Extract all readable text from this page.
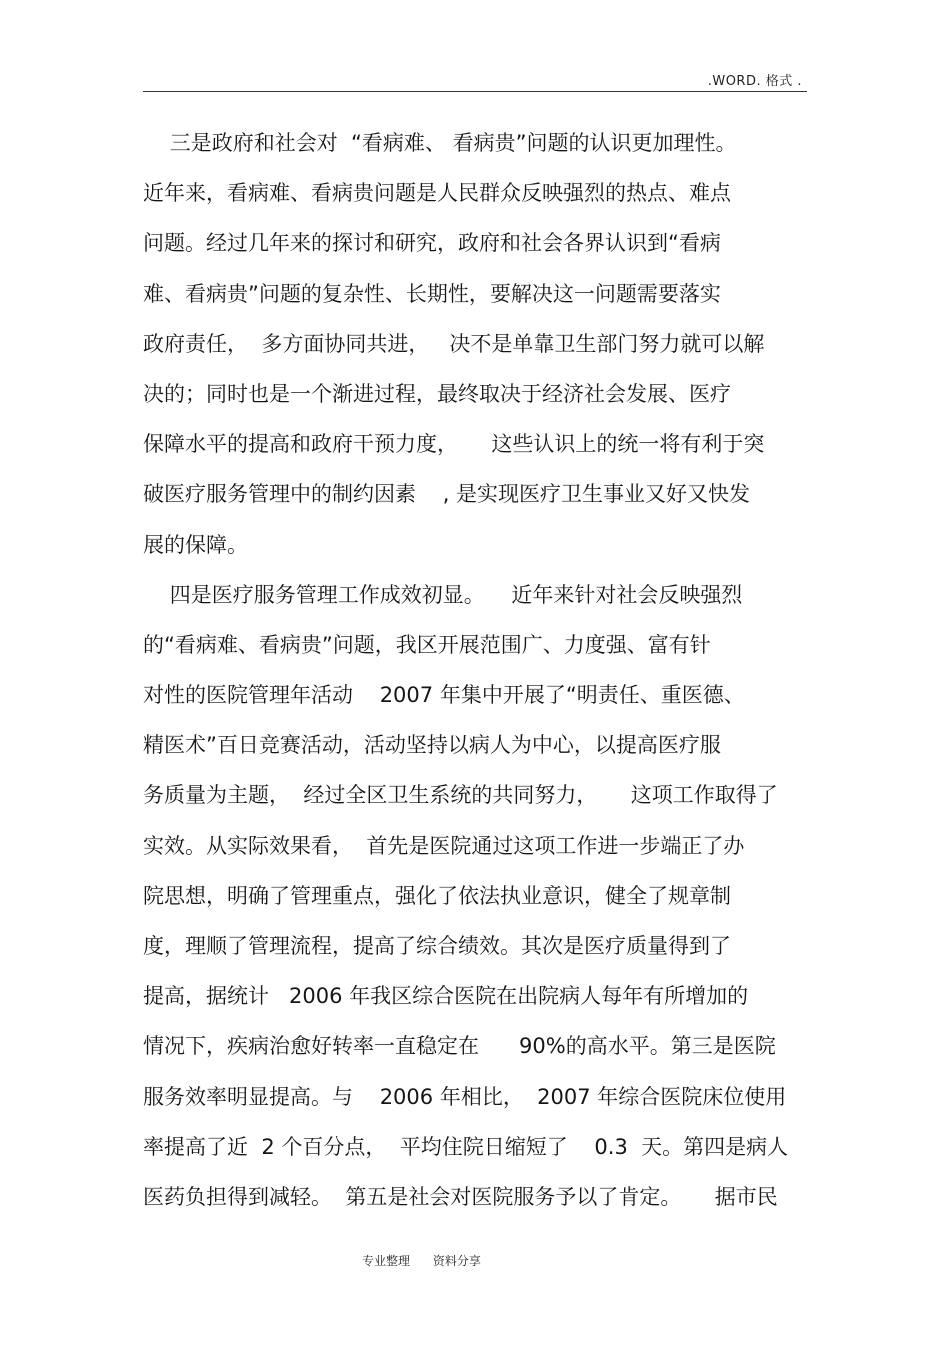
.WORD. 格式 .
三是政府和社会对  “看病难、 看病贵”问题的认识更加理性。
近年来，看病难、看病贵问题是人民群众反映强烈的热点、难点
问题。经过几年来的探讨和研究，政府和社会各界认识到“看病
难、看病贵”问题的复杂性、长期性，要解决这一问题需要落实
政府责任，  多方面协同共进，   决不是单靠卫生部门努力就可以解
决的；同时也是一个渐进过程，最终取决于经济社会发展、医疗
保障水平的提高和政府干预力度，     这些认识上的统一将有利于突
破医疗服务管理中的制约因素    , 是实现医疗卫生事业又好又快发
展的保障。
四是医疗服务管理工作成效初显。    近年来针对社会反映强烈
的“看病难、看病贵”问题，我区开展范围广、力度强、富有针
对性的医院管理年活动    2007 年集中开展了“明责任、重医德、
精医术”百日竞赛活动，活动坚持以病人为中心，以提高医疗服
务质量为主题，  经过全区卫生系统的共同努力，     这项工作取得了
实效。从实际效果看，  首先是医院通过这项工作进一步端正了办
院思想，明确了管理重点，强化了依法执业意识，健全了规章制
度，理顺了管理流程，提高了综合绩效。其次是医疗质量得到了
提高，据统计   2006 年我区综合医院在出院病人每年有所增加的
情况下，疾病治愈好转率一直稳定在      90%的高水平。第三是医院
服务效率明显提高。与    2006 年相比，  2007 年综合医院床位使用
率提高了近  2 个百分点，  平均住院日缩短了    0.3  天。第四是病人
医药负担得到减轻。  第五是社会对医院服务予以了肯定。     据市民
专业整理      资料分享
